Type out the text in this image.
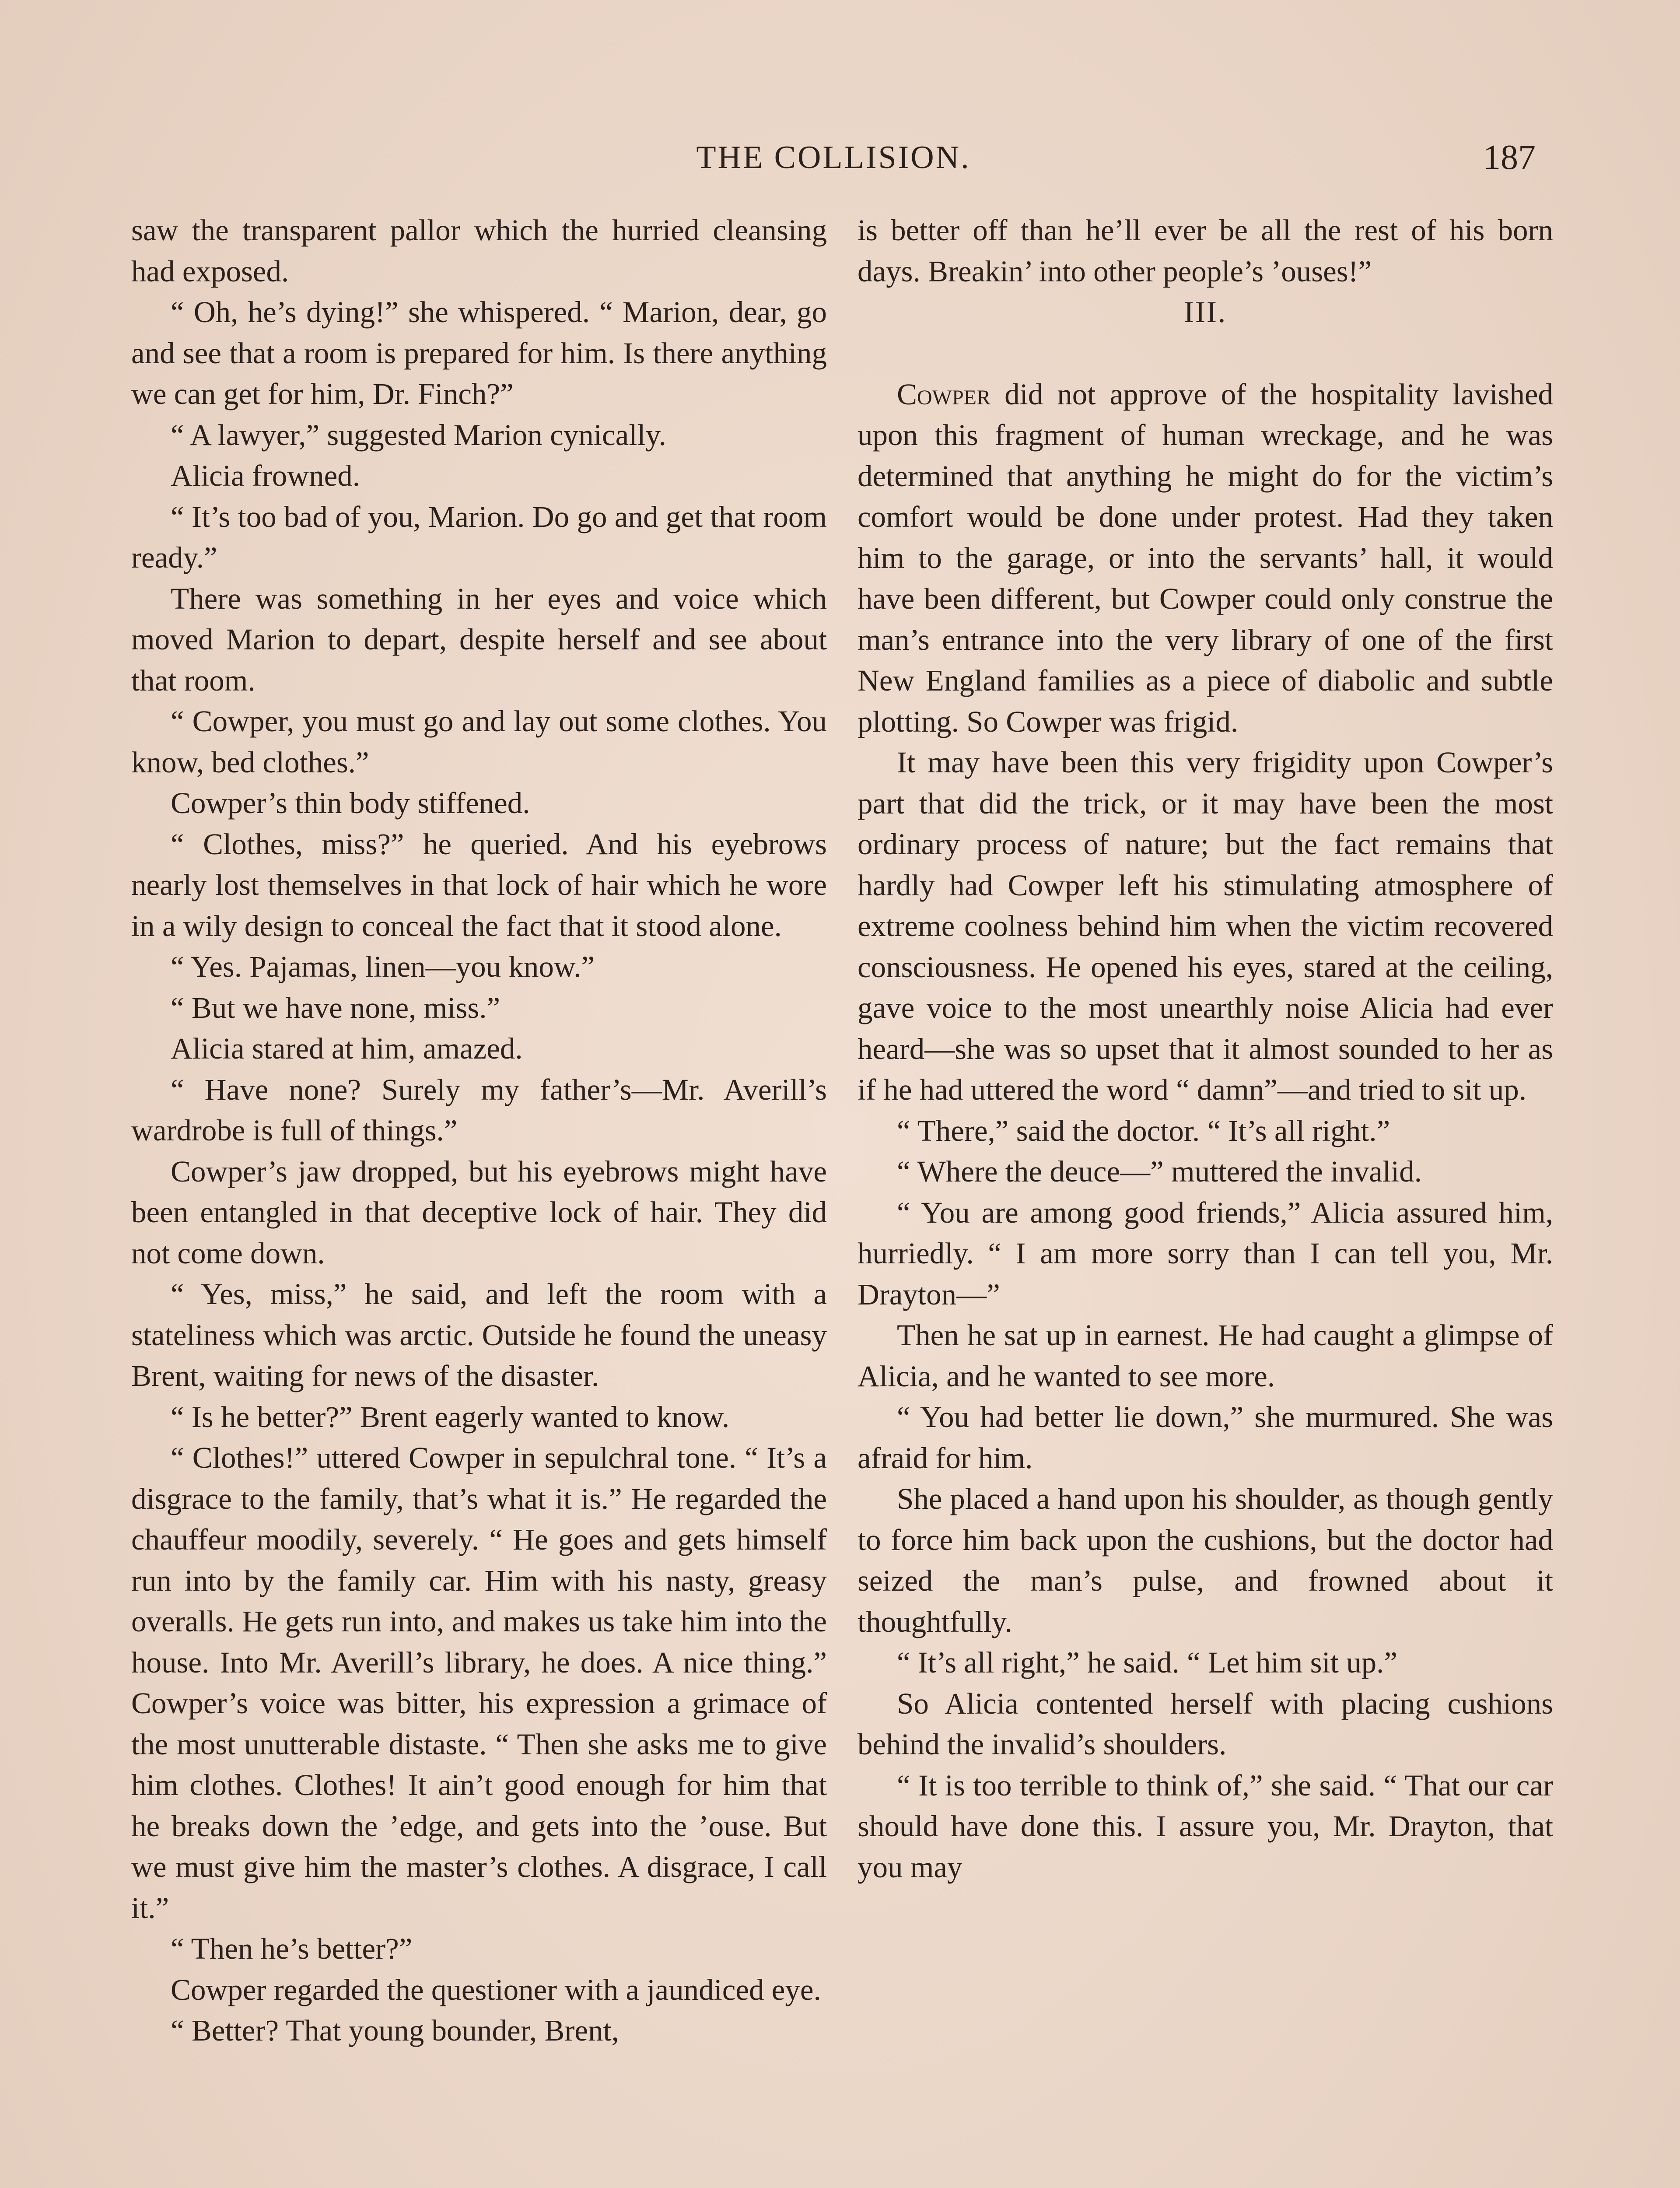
THE COLLISION.	187

saw the transparent pallor which the hurried cleansing had exposed.

“ Oh, he’s dying!” she whispered. “ Marion, dear, go and see that a room is prepared for him. Is there anything we can get for him, Dr. Finch?”

“ A lawyer,” suggested Marion cynically.

Alicia frowned.

“ It’s too bad of you, Marion. Do go and get that room ready.”

There was something in her eyes and voice which moved Marion to depart, despite herself and see about that room.

“ Cowper, you must go and lay out some clothes. You know, bed clothes.”

Cowper’s thin body stiffened.

“ Clothes, miss?” he queried. And his eyebrows nearly lost themselves in that lock of hair which he wore in a wily design to conceal the fact that it stood alone.

“ Yes. Pajamas, linen—you know.”

“ But we have none, miss.”

Alicia stared at him, amazed.

“ Have none? Surely my father’s—Mr. Averill’s wardrobe is full of things.”

Cowper’s jaw dropped, but his eyebrows might have been entangled in that deceptive lock of hair. They did not come down.

“ Yes, miss,” he said, and left the room with a stateliness which was arctic. Outside he found the uneasy Brent, waiting for news of the disaster.

“ Is he better?” Brent eagerly wanted to know.

“ Clothes!” uttered Cowper in sepulchral tone. “ It’s a disgrace to the family, that’s what it is.” He regarded the chauffeur moodily, severely. “ He goes and gets himself run into by the family car. Him with his nasty, greasy overalls. He gets run into, and makes us take him into the house. Into Mr. Averill’s library, he does. A nice thing.” Cowper’s voice was bitter, his expression a grimace of the most unutterable distaste. “ Then she asks me to give him clothes. Clothes! It ain’t good enough for him that he breaks down the ’edge, and gets into the ’ouse. But we must give him the master’s clothes. A disgrace, I call it.”

“ Then he’s better?”

Cowper regarded the questioner with a jaundiced eye.

“ Better? That young bounder, Brent,

is better off than he’ll ever be all the rest of his born days. Breakin’ into other people’s ’ouses!”

III.

Cowper did not approve of the hospitality lavished upon this fragment of human wreckage, and he was determined that anything he might do for the victim’s comfort would be done under protest. Had they taken him to the garage, or into the servants’ hall, it would have been different, but Cowper could only construe the man’s entrance into the very library of one of the first New England families as a piece of diabolic and subtle plotting. So Cowper was frigid.

It may have been this very frigidity upon Cowper’s part that did the trick, or it may have been the most ordinary process of nature; but the fact remains that hardly had Cowper left his stimulating atmosphere of extreme coolness behind him when the victim recovered consciousness. He opened his eyes, stared at the ceiling, gave voice to the most unearthly noise Alicia had ever heard—she was so upset that it almost sounded to her as if he had uttered the word “ damn”—and tried to sit up.

“ There,” said the doctor. “ It’s all right.”

“ Where the deuce—” muttered the invalid.

“ You are among good friends,” Alicia assured him, hurriedly. “ I am more sorry than I can tell you, Mr. Drayton—”

Then he sat up in earnest. He had caught a glimpse of Alicia, and he wanted to see more.

“ You had better lie down,” she murmured. She was afraid for him.

She placed a hand upon his shoulder, as though gently to force him back upon the cushions, but the doctor had seized the man’s pulse, and frowned about it thoughtfully.

“ It’s all right,” he said. “ Let him sit up.”

So Alicia contented herself with placing cushions behind the invalid’s shoulders.

“ It is too terrible to think of,” she said. “ That our car should have done this. I assure you, Mr. Drayton, that you may
